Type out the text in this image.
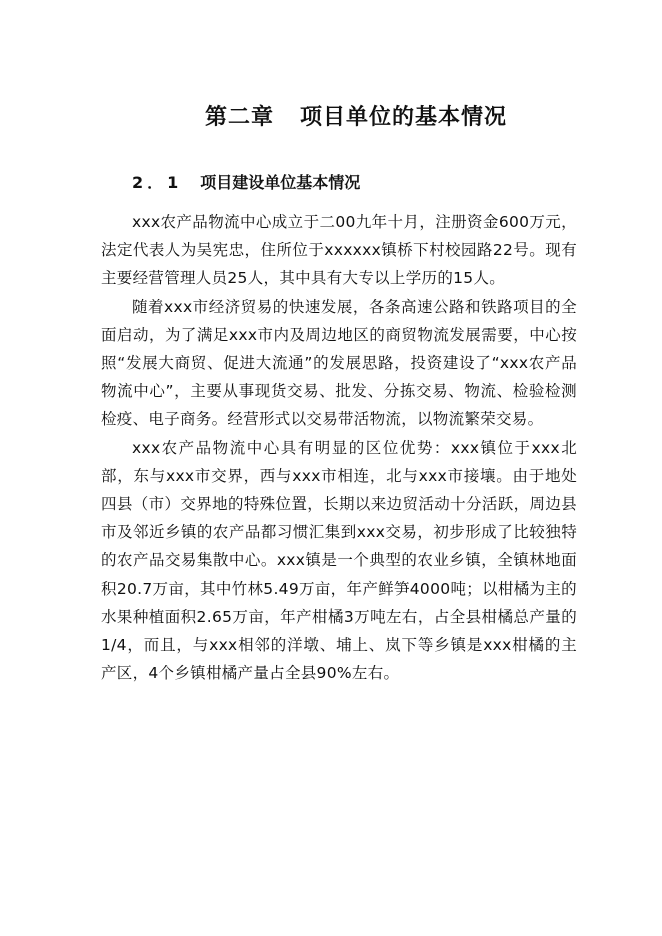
第二章 项目单位的基本情况
2．1 项目建设单位基本情况

xxx农产品物流中心成立于二00九年十月，注册资金600万元，法定代表人为吴宪忠，住所位于xxxxxx镇桥下村校园路22号。现有主要经营管理人员25人，其中具有大专以上学历的15人。

随着xxx市经济贸易的快速发展，各条高速公路和铁路项目的全面启动，为了满足xxx市内及周边地区的商贸物流发展需要，中心按照“发展大商贸、促进大流通”的发展思路，投资建设了“xxx农产品物流中心”，主要从事现货交易、批发、分拣交易、物流、检验检测检疫、电子商务。经营形式以交易带活物流，以物流繁荣交易。

xxx农产品物流中心具有明显的区位优势：xxx镇位于xxx北部，东与xxx市交界，西与xxx市相连，北与xxx市接壤。由于地处四县（市）交界地的特殊位置，长期以来边贸活动十分活跃，周边县市及邻近乡镇的农产品都习惯汇集到xxx交易，初步形成了比较独特的农产品交易集散中心。xxx镇是一个典型的农业乡镇，全镇林地面积20.7万亩，其中竹林5.49万亩，年产鲜笋4000吨；以柑橘为主的水果种植面积2.65万亩，年产柑橘3万吨左右，占全县柑橘总产量的1/4，而且，与xxx相邻的洋墩、埔上、岚下等乡镇是xxx柑橘的主产区，4个乡镇柑橘产量占全县90%左右。
